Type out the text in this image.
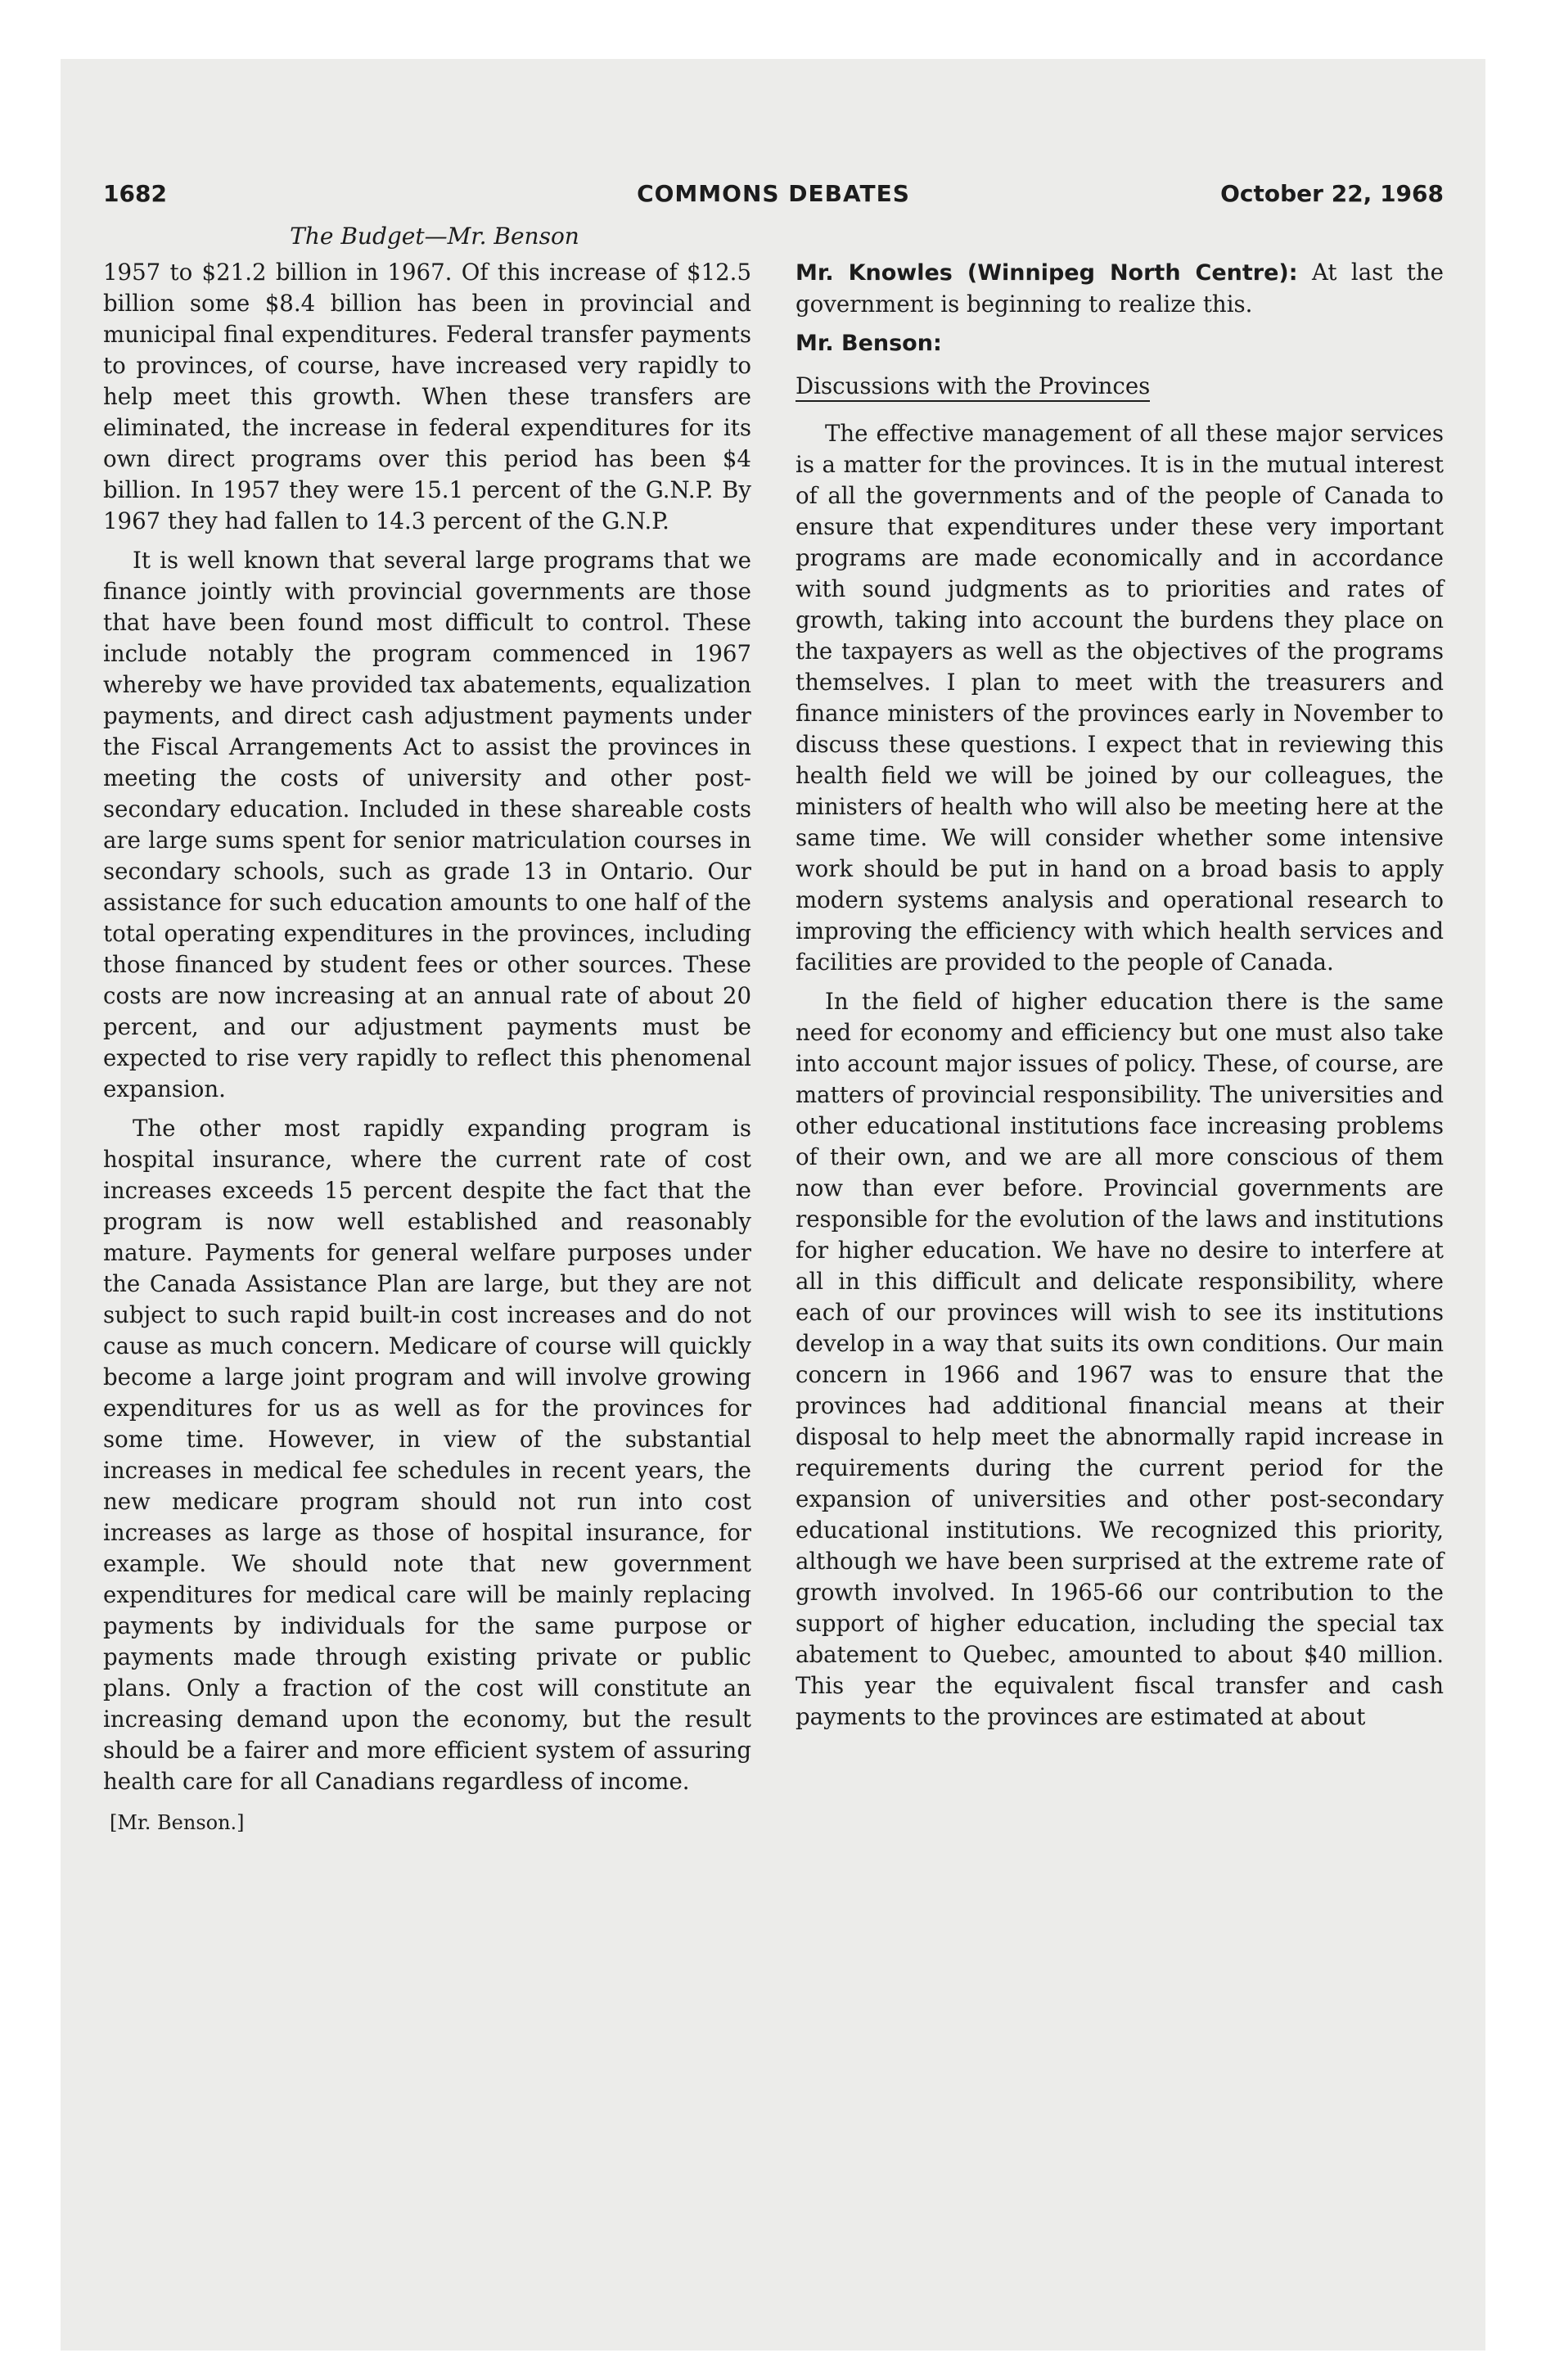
1682	COMMONS DEBATES	October 22, 1968
The Budget—Mr. Benson

1957 to $21.2 billion in 1967. Of this increase of $12.5 billion some $8.4 billion has been in provincial and municipal final expenditures. Federal transfer payments to provinces, of course, have increased very rapidly to help meet this growth. When these transfers are eliminated, the increase in federal expenditures for its own direct programs over this period has been $4 billion. In 1957 they were 15.1 percent of the G.N.P. By 1967 they had fallen to 14.3 percent of the G.N.P.

It is well known that several large programs that we finance jointly with provincial governments are those that have been found most difficult to control. These include notably the program commenced in 1967 whereby we have provided tax abatements, equalization payments, and direct cash adjustment payments under the Fiscal Arrangements Act to assist the provinces in meeting the costs of university and other post-secondary education. Included in these shareable costs are large sums spent for senior matriculation courses in secondary schools, such as grade 13 in Ontario. Our assistance for such education amounts to one half of the total operating expenditures in the provinces, including those financed by student fees or other sources. These costs are now increasing at an annual rate of about 20 percent, and our adjustment payments must be expected to rise very rapidly to reflect this phenomenal expansion.

The other most rapidly expanding program is hospital insurance, where the current rate of cost increases exceeds 15 percent despite the fact that the program is now well established and reasonably mature. Payments for general welfare purposes under the Canada Assistance Plan are large, but they are not subject to such rapid built-in cost increases and do not cause as much concern. Medicare of course will quickly become a large joint program and will involve growing expenditures for us as well as for the provinces for some time. However, in view of the substantial increases in medical fee schedules in recent years, the new medicare program should not run into cost increases as large as those of hospital insurance, for example. We should note that new government expenditures for medical care will be mainly replacing payments by individuals for the same purpose or payments made through existing private or public plans. Only a fraction of the cost will constitute an increasing demand upon the economy, but the result should be a fairer and more efficient system of assuring health care for all Canadians regardless of income.

[Mr. Benson.]

Mr. Knowles (Winnipeg North Centre): At last the government is beginning to realize this.

Mr. Benson:

Discussions with the Provinces

The effective management of all these major services is a matter for the provinces. It is in the mutual interest of all the governments and of the people of Canada to ensure that expenditures under these very important programs are made economically and in accordance with sound judgments as to priorities and rates of growth, taking into account the burdens they place on the taxpayers as well as the objectives of the programs themselves. I plan to meet with the treasurers and finance ministers of the provinces early in November to discuss these questions. I expect that in reviewing this health field we will be joined by our colleagues, the ministers of health who will also be meeting here at the same time. We will consider whether some intensive work should be put in hand on a broad basis to apply modern systems analysis and operational research to improving the efficiency with which health services and facilities are provided to the people of Canada.

In the field of higher education there is the same need for economy and efficiency but one must also take into account major issues of policy. These, of course, are matters of provincial responsibility. The universities and other educational institutions face increasing problems of their own, and we are all more conscious of them now than ever before. Provincial governments are responsible for the evolution of the laws and institutions for higher education. We have no desire to interfere at all in this difficult and delicate responsibility, where each of our provinces will wish to see its institutions develop in a way that suits its own conditions. Our main concern in 1966 and 1967 was to ensure that the provinces had additional financial means at their disposal to help meet the abnormally rapid increase in requirements during the current period for the expansion of universities and other post-secondary educational institutions. We recognized this priority, although we have been surprised at the extreme rate of growth involved. In 1965-66 our contribution to the support of higher education, including the special tax abatement to Quebec, amounted to about $40 million. This year the equivalent fiscal transfer and cash payments to the provinces are estimated at about
